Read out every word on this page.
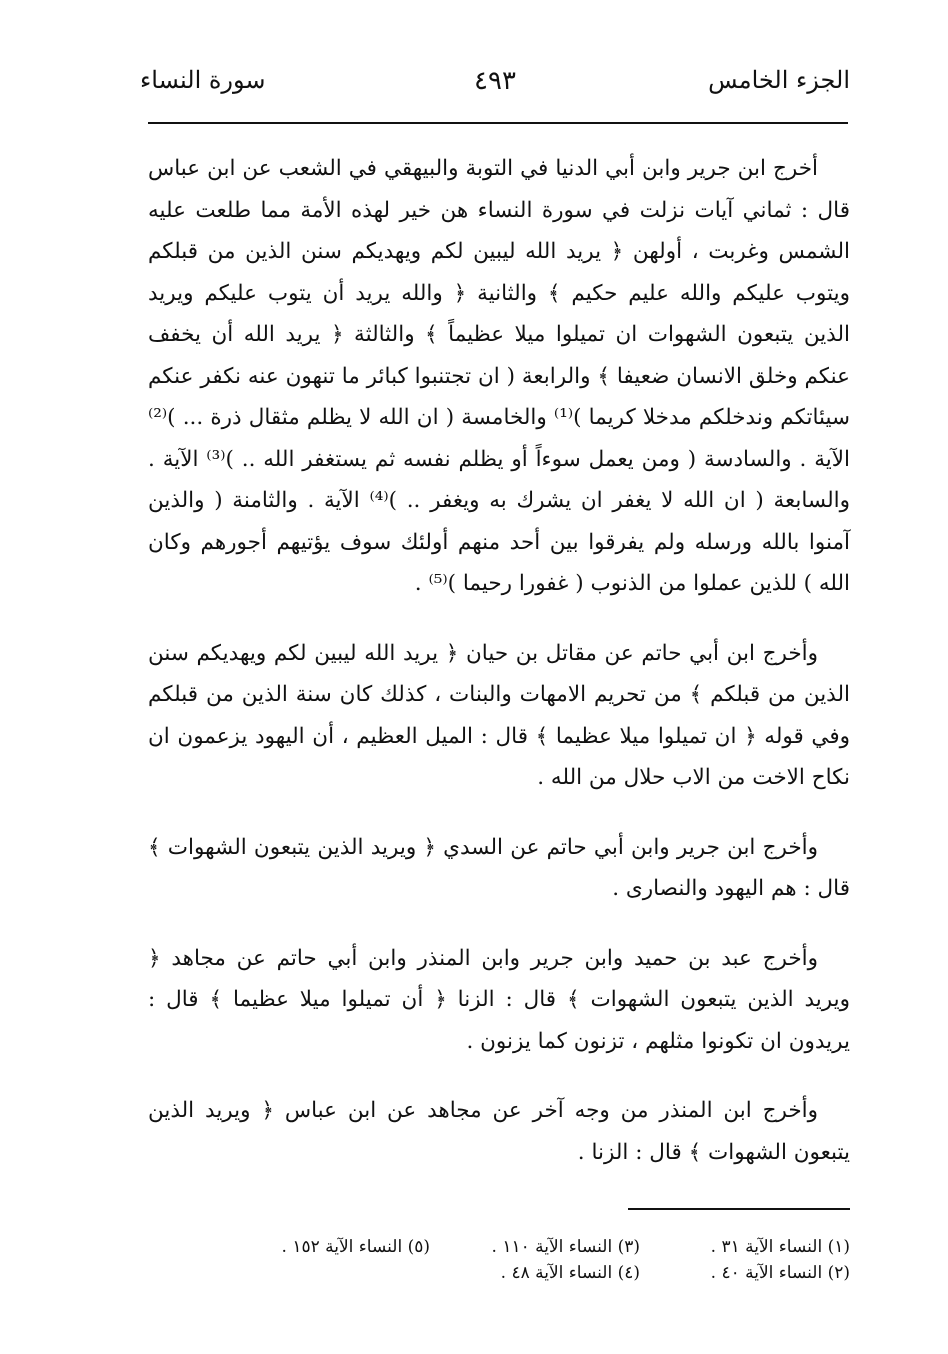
الجزء الخامس
٤٩٣
سورة النساء

أخرج ابن جرير وابن أبي الدنيا في التوبة والبيهقي في الشعب عن ابن عباس قال : ثماني آيات نزلت في سورة النساء هن خير لهذه الأمة مما طلعت عليه الشمس وغربت ، أولهن ﴿ يريد الله ليبين لكم ويهديكم سنن الذين من قبلكم ويتوب عليكم والله عليم حكيم ﴾ والثانية ﴿ والله يريد أن يتوب عليكم ويريد الذين يتبعون الشهوات ان تميلوا ميلا عظيماً ﴾ والثالثة ﴿ يريد الله أن يخفف عنكم وخلق الانسان ضعيفا ﴾ والرابعة ( ان تجتنبوا كبائر ما تنهون عنه نكفر عنكم سيئاتكم وندخلكم مدخلا كريما )⁽¹⁾ والخامسة ( ان الله لا يظلم مثقال ذرة ... )⁽²⁾ الآية . والسادسة ( ومن يعمل سوءاً أو يظلم نفسه ثم يستغفر الله .. )⁽³⁾ الآية . والسابعة ( ان الله لا يغفر ان يشرك به ويغفر .. )⁽⁴⁾ الآية . والثامنة ( والذين آمنوا بالله ورسله ولم يفرقوا بين أحد منهم أولئك سوف يؤتيهم أجورهم وكان الله ) للذين عملوا من الذنوب ( غفورا رحيما )⁽⁵⁾ .

وأخرج ابن أبي حاتم عن مقاتل بن حيان ﴿ يريد الله ليبين لكم ويهديكم سنن الذين من قبلكم ﴾ من تحريم الامهات والبنات ، كذلك كان سنة الذين من قبلكم وفي قوله ﴿ ان تميلوا ميلا عظيما ﴾ قال : الميل العظيم ، أن اليهود يزعمون ان نكاح الاخت من الاب حلال من الله .

وأخرج ابن جرير وابن أبي حاتم عن السدي ﴿ ويريد الذين يتبعون الشهوات ﴾ قال : هم اليهود والنصارى .

وأخرج عبد بن حميد وابن جرير وابن المنذر وابن أبي حاتم عن مجاهد ﴿ ويريد الذين يتبعون الشهوات ﴾ قال : الزنا ﴿ أن تميلوا ميلا عظيما ﴾ قال : يريدون ان تكونوا مثلهم ، تزنون كما يزنون .

وأخرج ابن المنذر من وجه آخر عن مجاهد عن ابن عباس ﴿ ويريد الذين يتبعون الشهوات ﴾ قال : الزنا .

(١) النساء الآية ٣١ .
(٢) النساء الآية ٤٠ .
(٣) النساء الآية ١١٠ .
(٤) النساء الآية ٤٨ .
(٥) النساء الآية ١٥٢ .
